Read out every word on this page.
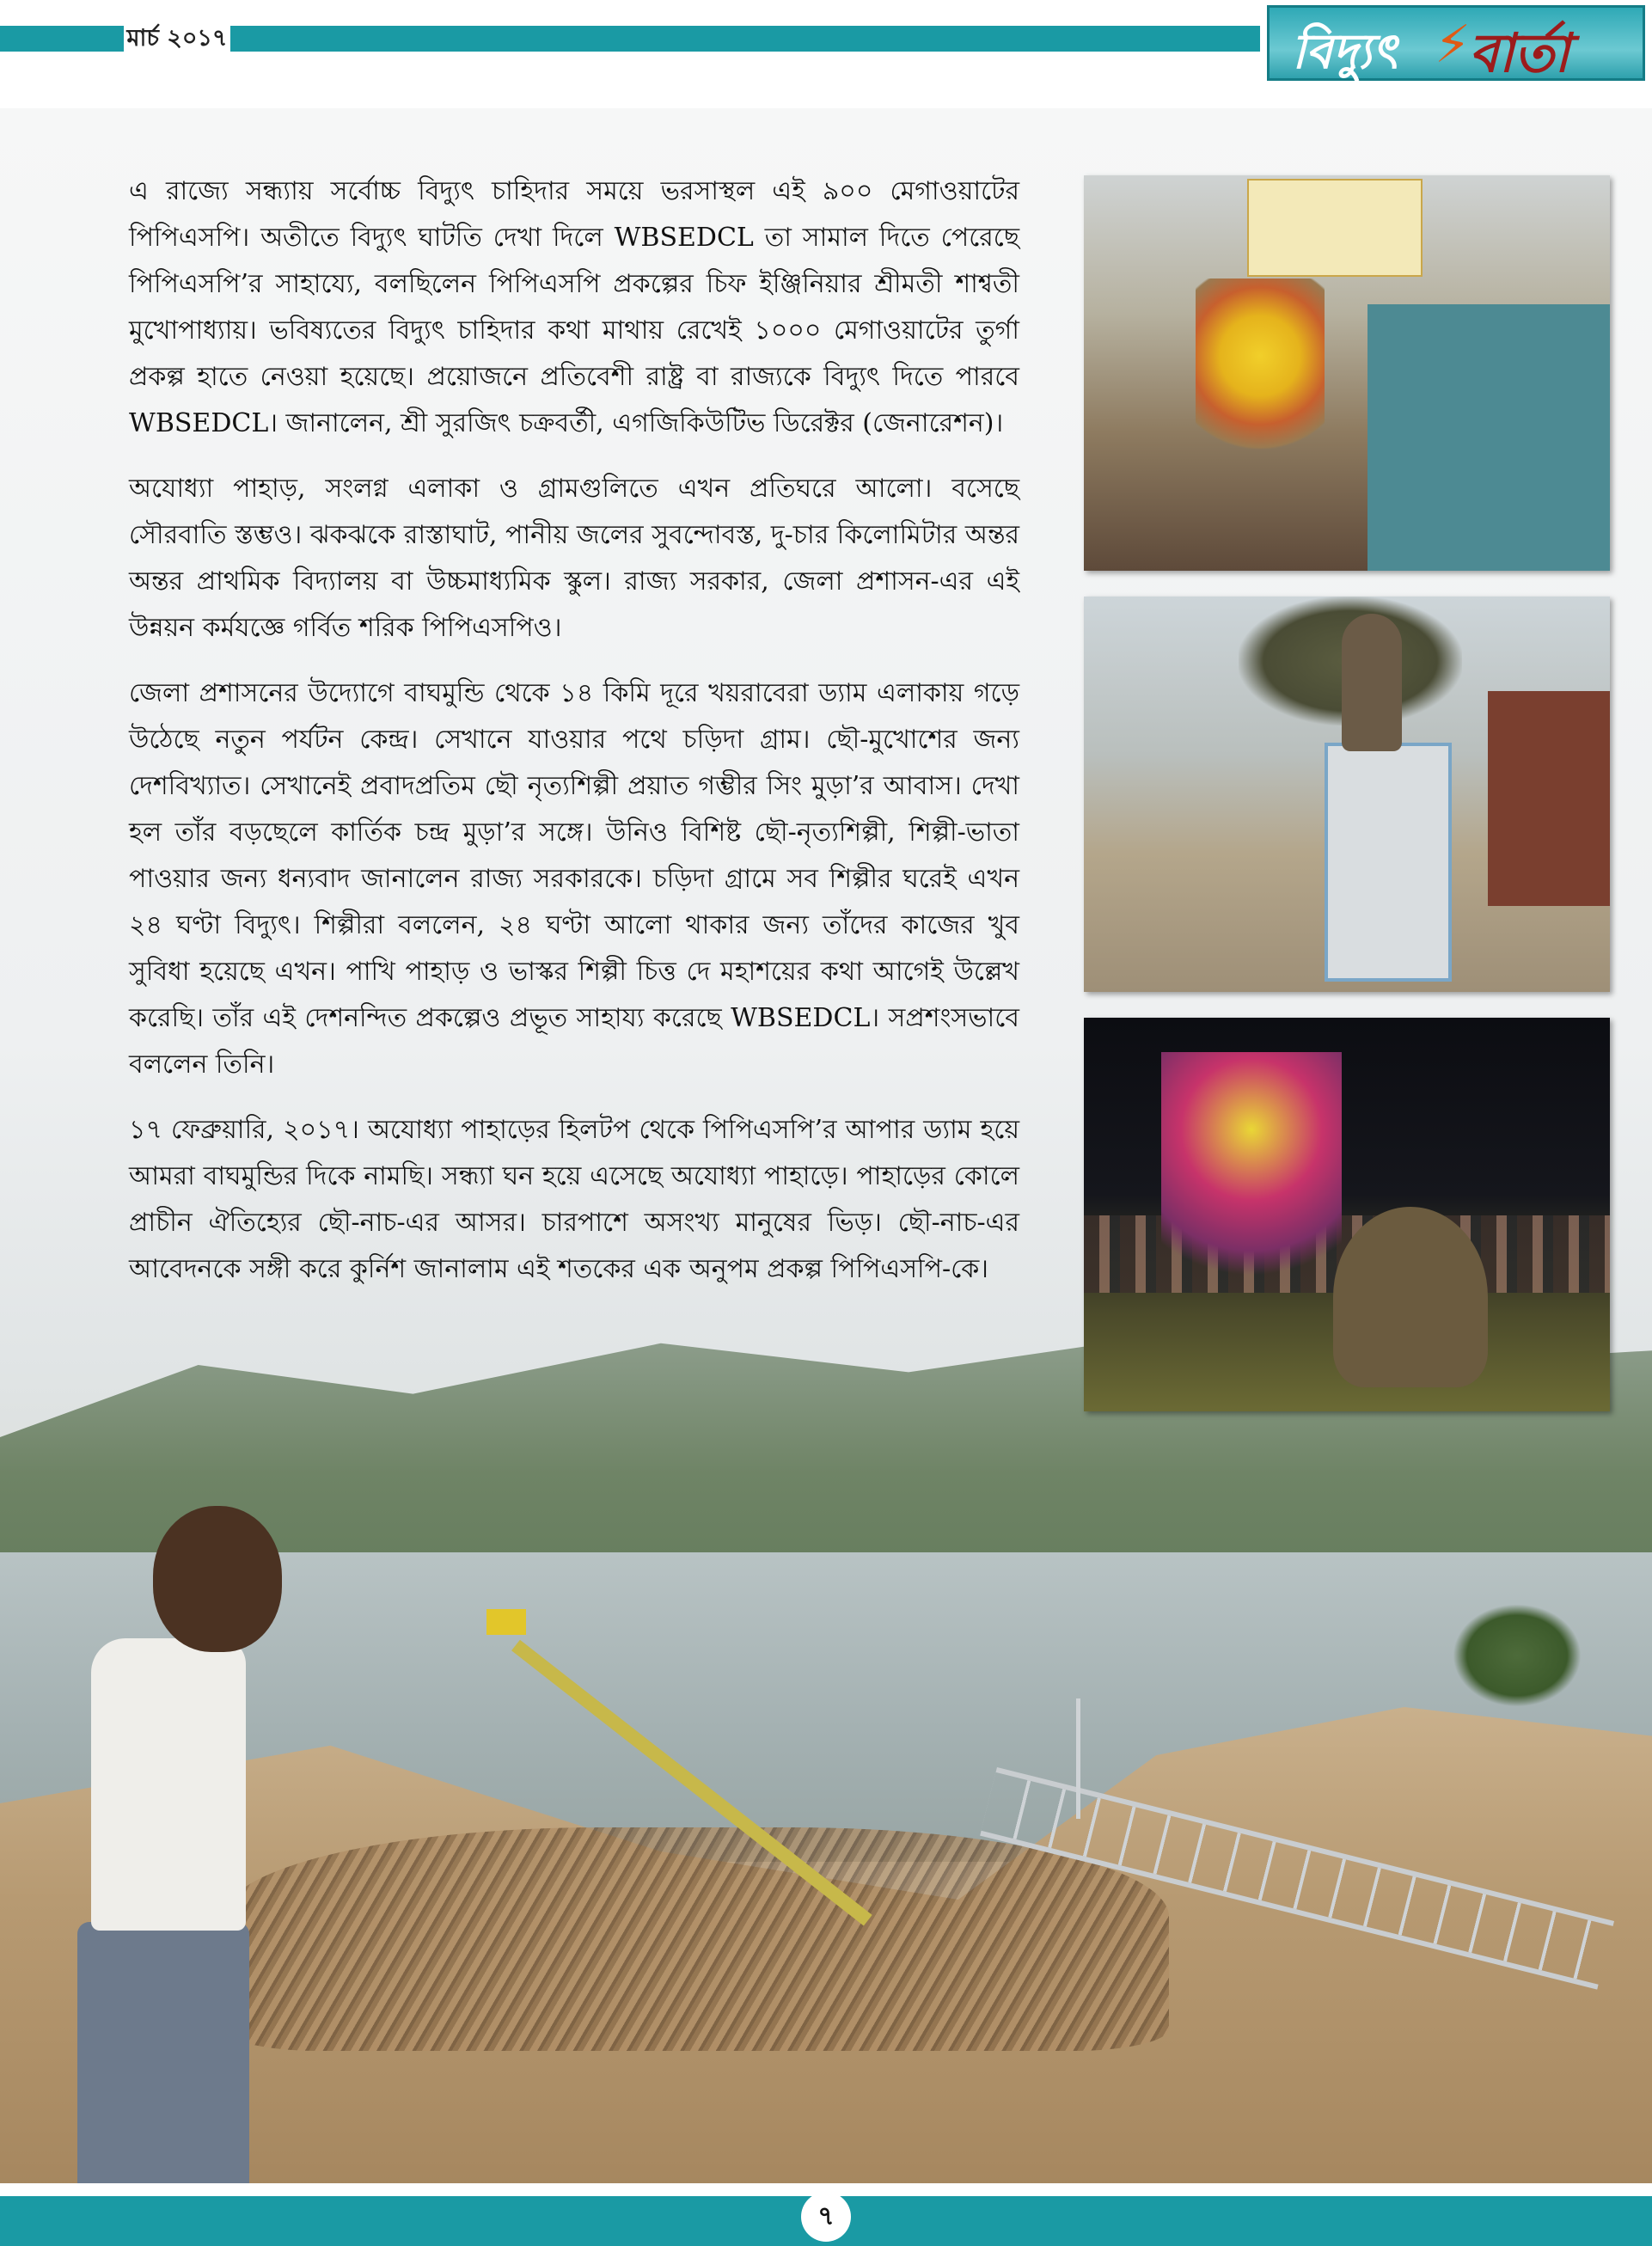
মার্চ ২০১৭	বিদ্যুৎ ⚡
বার্তা

এ রাজ্যে সন্ধ্যায় সর্বোচ্চ বিদ্যুৎ চাহিদার সময়ে ভরসাস্থল এই ৯০০ মেগাওয়াটের পিপিএসপি। অতীতে বিদ্যুৎ ঘাটতি দেখা দিলে WBSEDCL তা সামাল দিতে পেরেছে পিপিএসপি’র সাহায্যে, বলছিলেন পিপিএসপি প্রকল্পের চিফ ইঞ্জিনিয়ার শ্রীমতী শাশ্বতী মুখোপাধ্যায়। ভবিষ্যতের বিদ্যুৎ চাহিদার কথা মাথায় রেখেই ১০০০ মেগাওয়াটের তুর্গা প্রকল্প হাতে নেওয়া হয়েছে। প্রয়োজনে প্রতিবেশী রাষ্ট্র বা রাজ্যকে বিদ্যুৎ দিতে পারবে WBSEDCL। জানালেন, শ্রী সুরজিৎ চক্রবর্তী, এগজিকিউটিভ ডিরেক্টর (জেনারেশন)।

অযোধ্যা পাহাড়, সংলগ্ন এলাকা ও গ্রামগুলিতে এখন প্রতিঘরে আলো। বসেছে সৌরবাতি স্তম্ভও। ঝকঝকে রাস্তাঘাট, পানীয় জলের সুবন্দোবস্ত, দু-চার কিলোমিটার অন্তর অন্তর প্রাথমিক বিদ্যালয় বা উচ্চমাধ্যমিক স্কুল। রাজ্য সরকার, জেলা প্রশাসন-এর এই উন্নয়ন কর্মযজ্ঞে গর্বিত শরিক পিপিএসপিও।

জেলা প্রশাসনের উদ্যোগে বাঘমুন্ডি থেকে ১৪ কিমি দূরে খয়রাবেরা ড্যাম এলাকায় গড়ে উঠেছে নতুন পর্যটন কেন্দ্র। সেখানে যাওয়ার পথে চড়িদা গ্রাম। ছৌ-মুখোশের জন্য দেশবিখ্যাত। সেখানেই প্রবাদপ্রতিম ছৌ নৃত্যশিল্পী প্রয়াত গম্ভীর সিং মুড়া’র আবাস। দেখা হল তাঁর বড়ছেলে কার্তিক চন্দ্র মুড়া’র সঙ্গে। উনিও বিশিষ্ট ছৌ-নৃত্যশিল্পী, শিল্পী-ভাতা পাওয়ার জন্য ধন্যবাদ জানালেন রাজ্য সরকারকে। চড়িদা গ্রামে সব শিল্পীর ঘরেই এখন ২৪ ঘণ্টা বিদ্যুৎ। শিল্পীরা বললেন, ২৪ ঘণ্টা আলো থাকার জন্য তাঁদের কাজের খুব সুবিধা হয়েছে এখন। পাখি পাহাড় ও ভাস্কর শিল্পী চিত্ত দে মহাশয়ের কথা আগেই উল্লেখ করেছি। তাঁর এই দেশনন্দিত প্রকল্পেও প্রভূত সাহায্য করেছে WBSEDCL। সপ্রশংসভাবে বললেন তিনি।

১৭ ফেব্রুয়ারি, ২০১৭। অযোধ্যা পাহাড়ের হিলটপ থেকে পিপিএসপি’র আপার ড্যাম হয়ে আমরা বাঘমুন্ডির দিকে নামছি। সন্ধ্যা ঘন হয়ে এসেছে অযোধ্যা পাহাড়ে। পাহাড়ের কোলে প্রাচীন ঐতিহ্যের ছৌ-নাচ-এর আসর। চারপাশে অসংখ্য মানুষের ভিড়। ছৌ-নাচ-এর আবেদনকে সঙ্গী করে কুর্নিশ জানালাম এই শতকের এক অনুপম প্রকল্প পিপিএসপি-কে।

৭
